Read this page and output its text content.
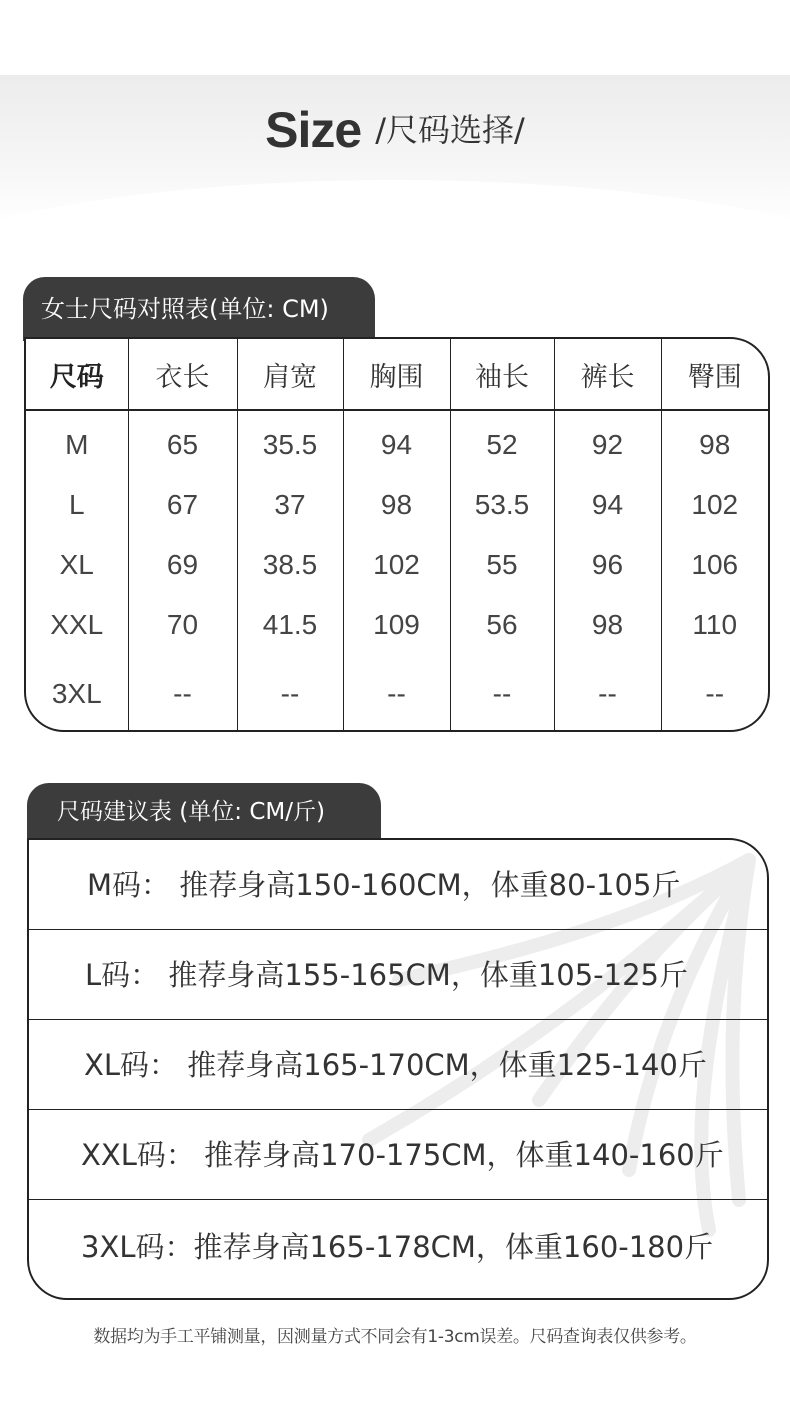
Size /尺码选择/
女士尺码对照表(单位: CM)
尺码	衣长	肩宽	胸围	袖长	裤长	臀围
M	65	35.5	94	52	92	98
L	67	37	98	53.5	94	102
XL	69	38.5	102	55	96	106
XXL	70	41.5	109	56	98	110
3XL	--	--	--	--	--	--
尺码建议表 (单位: CM/斤)
M码： 推荐身高150-160CM，体重80-105斤
L码： 推荐身高155-165CM，体重105-125斤
XL码： 推荐身高165-170CM，体重125-140斤
XXL码： 推荐身高170-175CM，体重140-160斤
3XL码：推荐身高165-178CM，体重160-180斤
数据均为手工平铺测量，因测量方式不同会有1-3cm误差。尺码查询表仅供参考。
